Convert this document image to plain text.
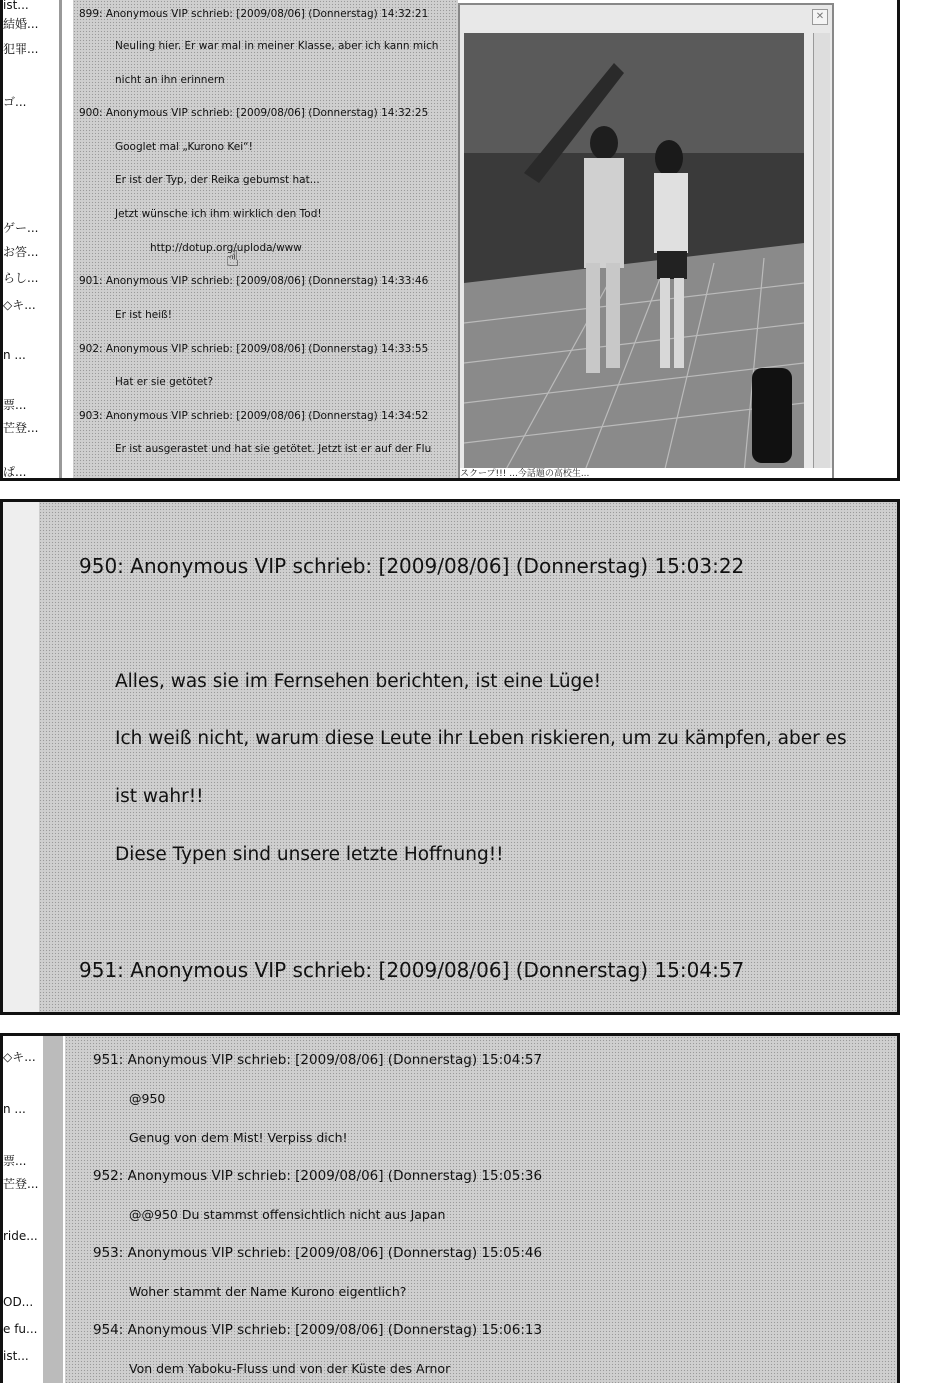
ist...
結婚...
犯罪...
ゴ...
ゲー...
お答...
らし...
◇キ...
n ...
票...
芒登...
ぱ...
899: Anonymous VIP schrieb: [2009/08/06] (Donnerstag) 14:32:21
Neuling hier. Er war mal in meiner Klasse, aber ich kann mich
nicht an ihn erinnern
900: Anonymous VIP schrieb: [2009/08/06] (Donnerstag) 14:32:25
Googlet mal „Kurono Kei“!
Er ist der Typ, der Reika gebumst hat...
Jetzt wünsche ich ihm wirklich den Tod!
http://dotup.org/uploda/www
☝
901: Anonymous VIP schrieb: [2009/08/06] (Donnerstag) 14:33:46
Er ist heiß!
902: Anonymous VIP schrieb: [2009/08/06] (Donnerstag) 14:33:55
Hat er sie getötet?
903: Anonymous VIP schrieb: [2009/08/06] (Donnerstag) 14:34:52
Er ist ausgerastet und hat sie getötet. Jetzt ist er auf der Flu
✕
スクープ!!! ...今話題の高校生...
950: Anonymous VIP schrieb: [2009/08/06] (Donnerstag) 15:03:22
Alles, was sie im Fernsehen berichten, ist eine Lüge!
Ich weiß nicht, warum diese Leute ihr Leben riskieren, um zu kämpfen, aber es
ist wahr!!
Diese Typen sind unsere letzte Hoffnung!!
951: Anonymous VIP schrieb: [2009/08/06] (Donnerstag) 15:04:57
◇キ...
n ...
票...
芒登...
ride...
OD...
e fu...
ist...
951: Anonymous VIP schrieb: [2009/08/06] (Donnerstag) 15:04:57
@950
Genug von dem Mist! Verpiss dich!
952: Anonymous VIP schrieb: [2009/08/06] (Donnerstag) 15:05:36
@@950 Du stammst offensichtlich nicht aus Japan
953: Anonymous VIP schrieb: [2009/08/06] (Donnerstag) 15:05:46
Woher stammt der Name Kurono eigentlich?
954: Anonymous VIP schrieb: [2009/08/06] (Donnerstag) 15:06:13
Von dem Yaboku-Fluss und von der Küste des Arnor
